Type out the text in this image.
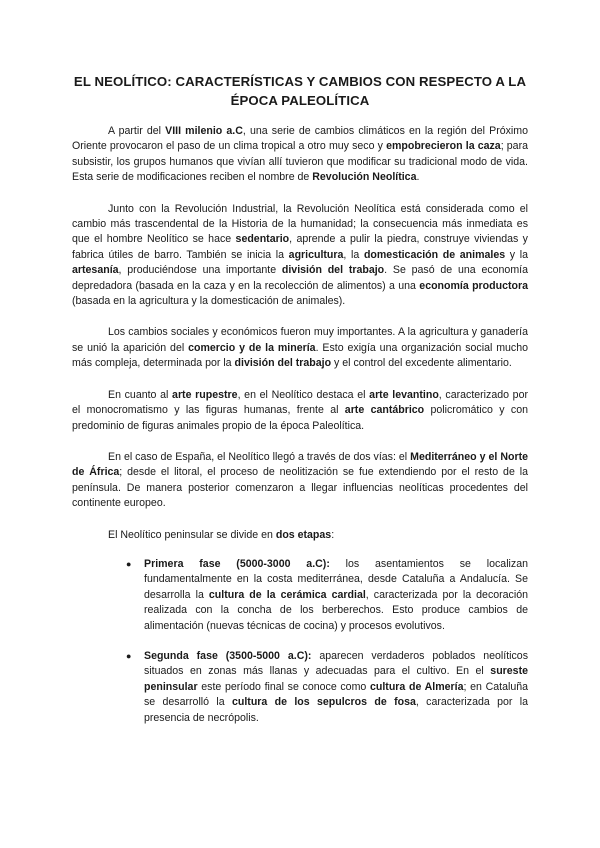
EL NEOLÍTICO: CARACTERÍSTICAS Y CAMBIOS CON RESPECTO A LA ÉPOCA PALEOLÍTICA

A partir del VIII milenio a.C, una serie de cambios climáticos en la región del Próximo Oriente provocaron el paso de un clima tropical a otro muy seco y empobrecieron la caza; para subsistir, los grupos humanos que vivían allí tuvieron que modificar su tradicional modo de vida. Esta serie de modificaciones reciben el nombre de Revolución Neolítica.

Junto con la Revolución Industrial, la Revolución Neolítica está considerada como el cambio más trascendental de la Historia de la humanidad; la consecuencia más inmediata es que el hombre Neolítico se hace sedentario, aprende a pulir la piedra, construye viviendas y fabrica útiles de barro. También se inicia la agricultura, la domesticación de animales y la artesanía, produciéndose una importante división del trabajo. Se pasó de una economía depredadora (basada en la caza y en la recolección de alimentos) a una economía productora (basada en la agricultura y la domesticación de animales).

Los cambios sociales y económicos fueron muy importantes. A la agricultura y ganadería se unió la aparición del comercio y de la minería. Esto exigía una organización social mucho más compleja, determinada por la división del trabajo y el control del excedente alimentario.

En cuanto al arte rupestre, en el Neolítico destaca el arte levantino, caracterizado por el monocromatismo y las figuras humanas, frente al arte cantábrico policromático y con predominio de figuras animales propio de la época Paleolítica.

En el caso de España, el Neolítico llegó a través de dos vías: el Mediterráneo y el Norte de África; desde el litoral, el proceso de neolitización se fue extendiendo por el resto de la península. De manera posterior comenzaron a llegar influencias neolíticas procedentes del continente europeo.

El Neolítico peninsular se divide en dos etapas:

● Primera fase (5000-3000 a.C): los asentamientos se localizan fundamentalmente en la costa mediterránea, desde Cataluña a Andalucía. Se desarrolla la cultura de la cerámica cardial, caracterizada por la decoración realizada con la concha de los berberechos. Esto produce cambios de alimentación (nuevas técnicas de cocina) y procesos evolutivos.
● Segunda fase (3500-5000 a.C): aparecen verdaderos poblados neolíticos situados en zonas más llanas y adecuadas para el cultivo. En el sureste peninsular este período final se conoce como cultura de Almería; en Cataluña se desarrolló la cultura de los sepulcros de fosa, caracterizada por la presencia de necrópolis.
